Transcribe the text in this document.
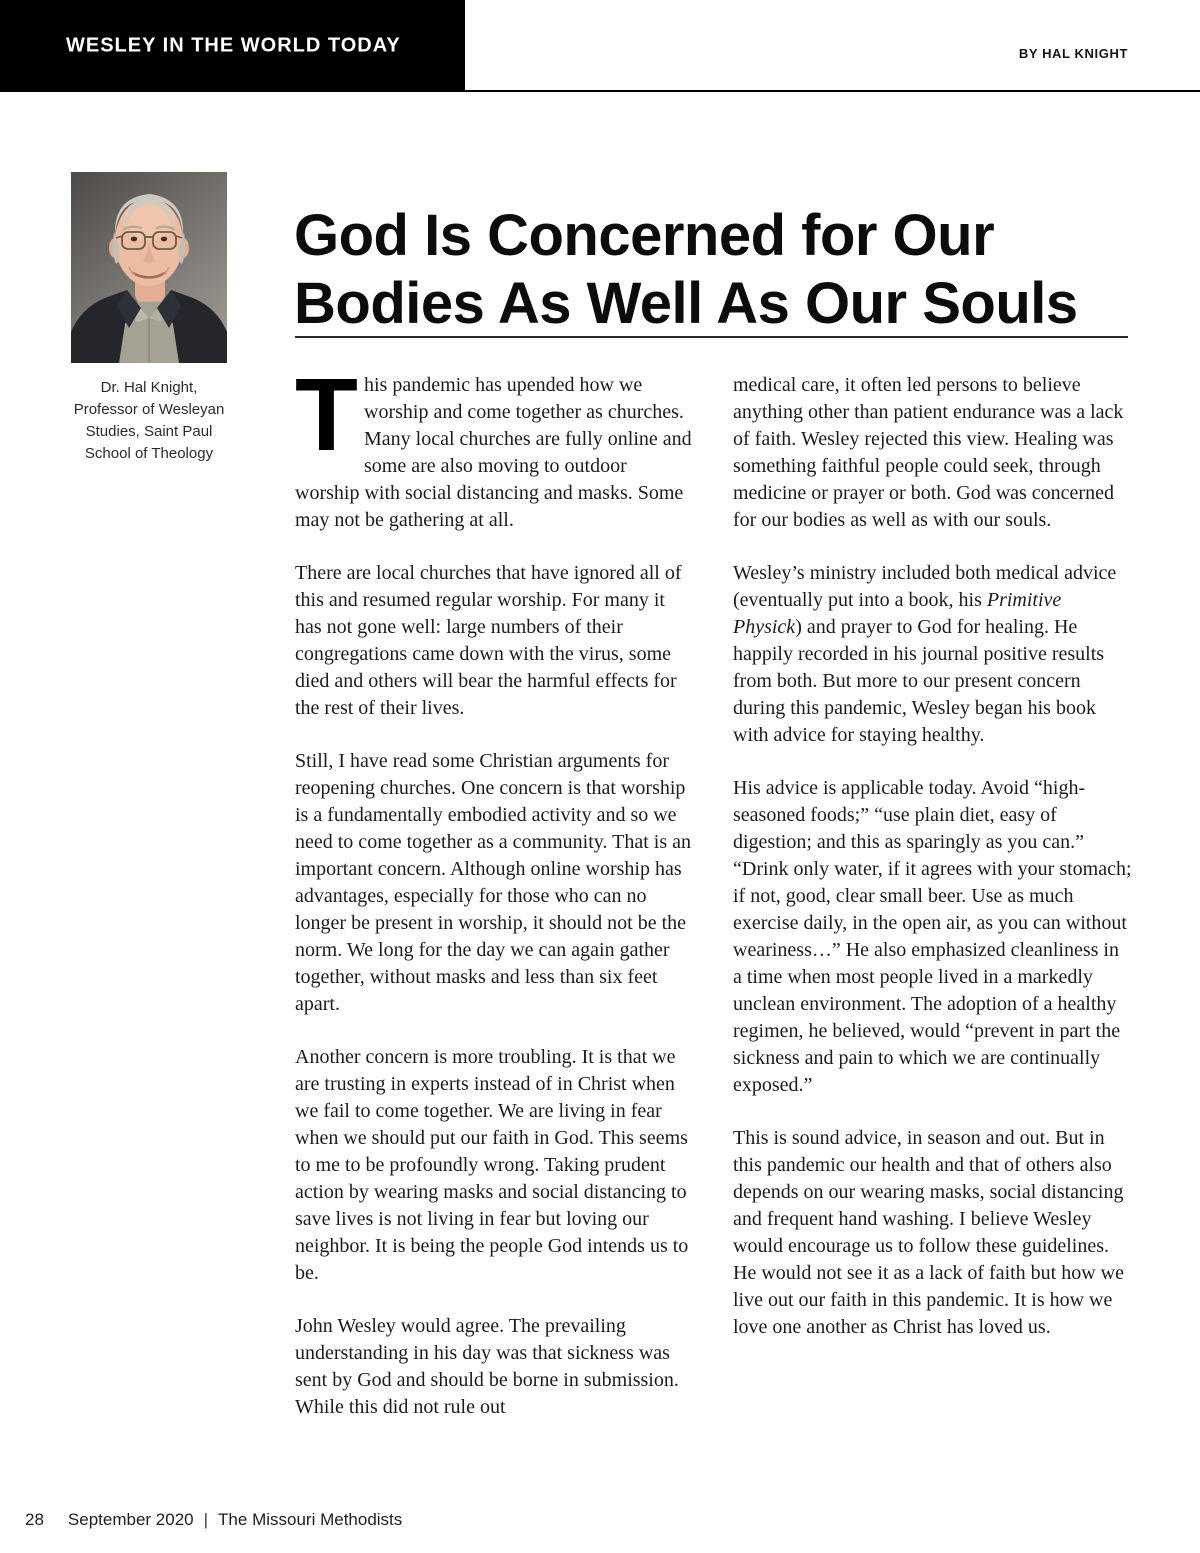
WESLEY IN THE WORLD TODAY	BY HAL KNIGHT
Dr. Hal Knight,
Professor of Wesleyan
Studies, Saint Paul
School of Theology
God Is Concerned for Our
Bodies As Well As Our Souls

This pandemic has upended how we worship and come together as churches. Many local churches are fully online and some are also moving to outdoor worship with social distancing and masks. Some may not be gathering at all.

There are local churches that have ignored all of this and resumed regular worship. For many it has not gone well: large numbers of their congregations came down with the virus, some died and others will bear the harmful effects for the rest of their lives.

Still, I have read some Christian arguments for reopening churches. One concern is that worship is a fundamentally embodied activity and so we need to come together as a community. That is an important concern. Although online worship has advantages, especially for those who can no longer be present in worship, it should not be the norm. We long for the day we can again gather together, without masks and less than six feet apart.

Another concern is more troubling. It is that we are trusting in experts instead of in Christ when we fail to come together. We are living in fear when we should put our faith in God. This seems to me to be profoundly wrong. Taking prudent action by wearing masks and social distancing to save lives is not living in fear but loving our neighbor. It is being the people God intends us to be.

John Wesley would agree. The prevailing understanding in his day was that sickness was sent by God and should be borne in submission. While this did not rule out

medical care, it often led persons to believe anything other than patient endurance was a lack of faith. Wesley rejected this view. Healing was something faithful people could seek, through medicine or prayer or both. God was concerned for our bodies as well as with our souls.

Wesley’s ministry included both medical advice (eventually put into a book, his Primitive Physick) and prayer to God for healing. He happily recorded in his journal positive results from both. But more to our present concern during this pandemic, Wesley began his book with advice for staying healthy.

His advice is applicable today. Avoid “high-seasoned foods;” “use plain diet, easy of digestion; and this as sparingly as you can.” “Drink only water, if it agrees with your stomach; if not, good, clear small beer. Use as much exercise daily, in the open air, as you can without weariness…” He also emphasized cleanliness in a time when most people lived in a markedly unclean environment. The adoption of a healthy regimen, he believed, would “prevent in part the sickness and pain to which we are continually exposed.”

This is sound advice, in season and out. But in this pandemic our health and that of others also depends on our wearing masks, social distancing and frequent hand washing. I believe Wesley would encourage us to follow these guidelines. He would not see it as a lack of faith but how we live out our faith in this pandemic. It is how we love one another as Christ has loved us.

28 September 2020 | The Missouri Methodists
